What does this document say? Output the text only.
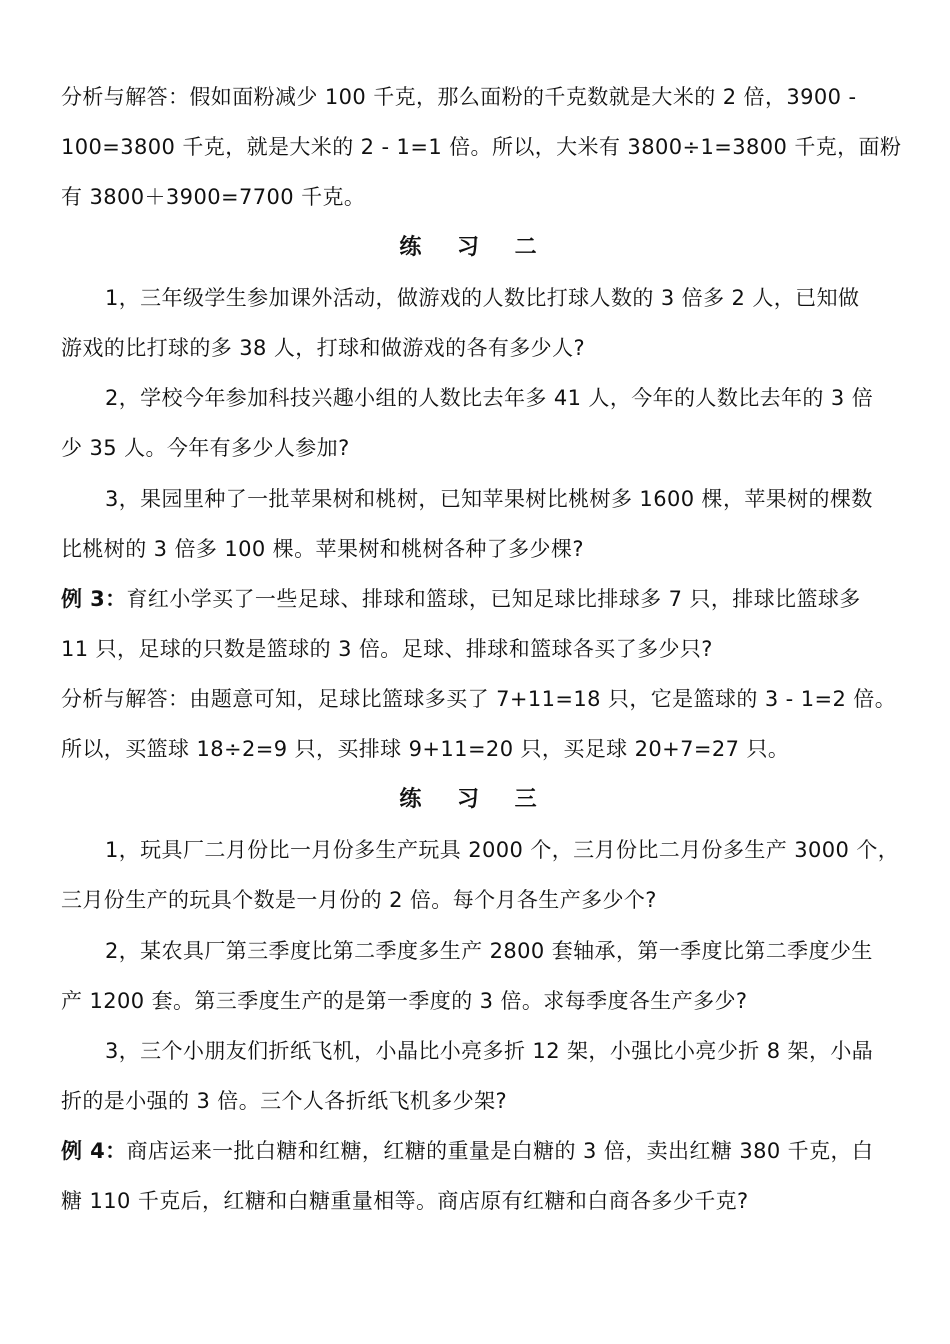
分析与解答：假如面粉减少 100 千克，那么面粉的千克数就是大米的 2 倍，3900 -
100=3800 千克，就是大米的 2 - 1=1 倍。所以，大米有 3800÷1=3800 千克，面粉
有 3800＋3900=7700 千克。
练 习 二
1，三年级学生参加课外活动，做游戏的人数比打球人数的 3 倍多 2 人，已知做
游戏的比打球的多 38 人，打球和做游戏的各有多少人?
2，学校今年参加科技兴趣小组的人数比去年多 41 人，今年的人数比去年的 3 倍
少 35 人。今年有多少人参加?
3，果园里种了一批苹果树和桃树，已知苹果树比桃树多 1600 棵，苹果树的棵数
比桃树的 3 倍多 100 棵。苹果树和桃树各种了多少棵?
例 3：育红小学买了一些足球、排球和篮球，已知足球比排球多 7 只，排球比篮球多
11 只，足球的只数是篮球的 3 倍。足球、排球和篮球各买了多少只?
分析与解答：由题意可知，足球比篮球多买了 7+11=18 只，它是篮球的 3 - 1=2 倍。
所以，买篮球 18÷2=9 只，买排球 9+11=20 只，买足球 20+7=27 只。
练 习 三
1，玩具厂二月份比一月份多生产玩具 2000 个，三月份比二月份多生产 3000 个，
三月份生产的玩具个数是一月份的 2 倍。每个月各生产多少个?
2，某农具厂第三季度比第二季度多生产 2800 套轴承，第一季度比第二季度少生
产 1200 套。第三季度生产的是第一季度的 3 倍。求每季度各生产多少?
3，三个小朋友们折纸飞机，小晶比小亮多折 12 架，小强比小亮少折 8 架，小晶
折的是小强的 3 倍。三个人各折纸飞机多少架?
例 4：商店运来一批白糖和红糖，红糖的重量是白糖的 3 倍，卖出红糖 380 千克，白
糖 110 千克后，红糖和白糖重量相等。商店原有红糖和白商各多少千克?
